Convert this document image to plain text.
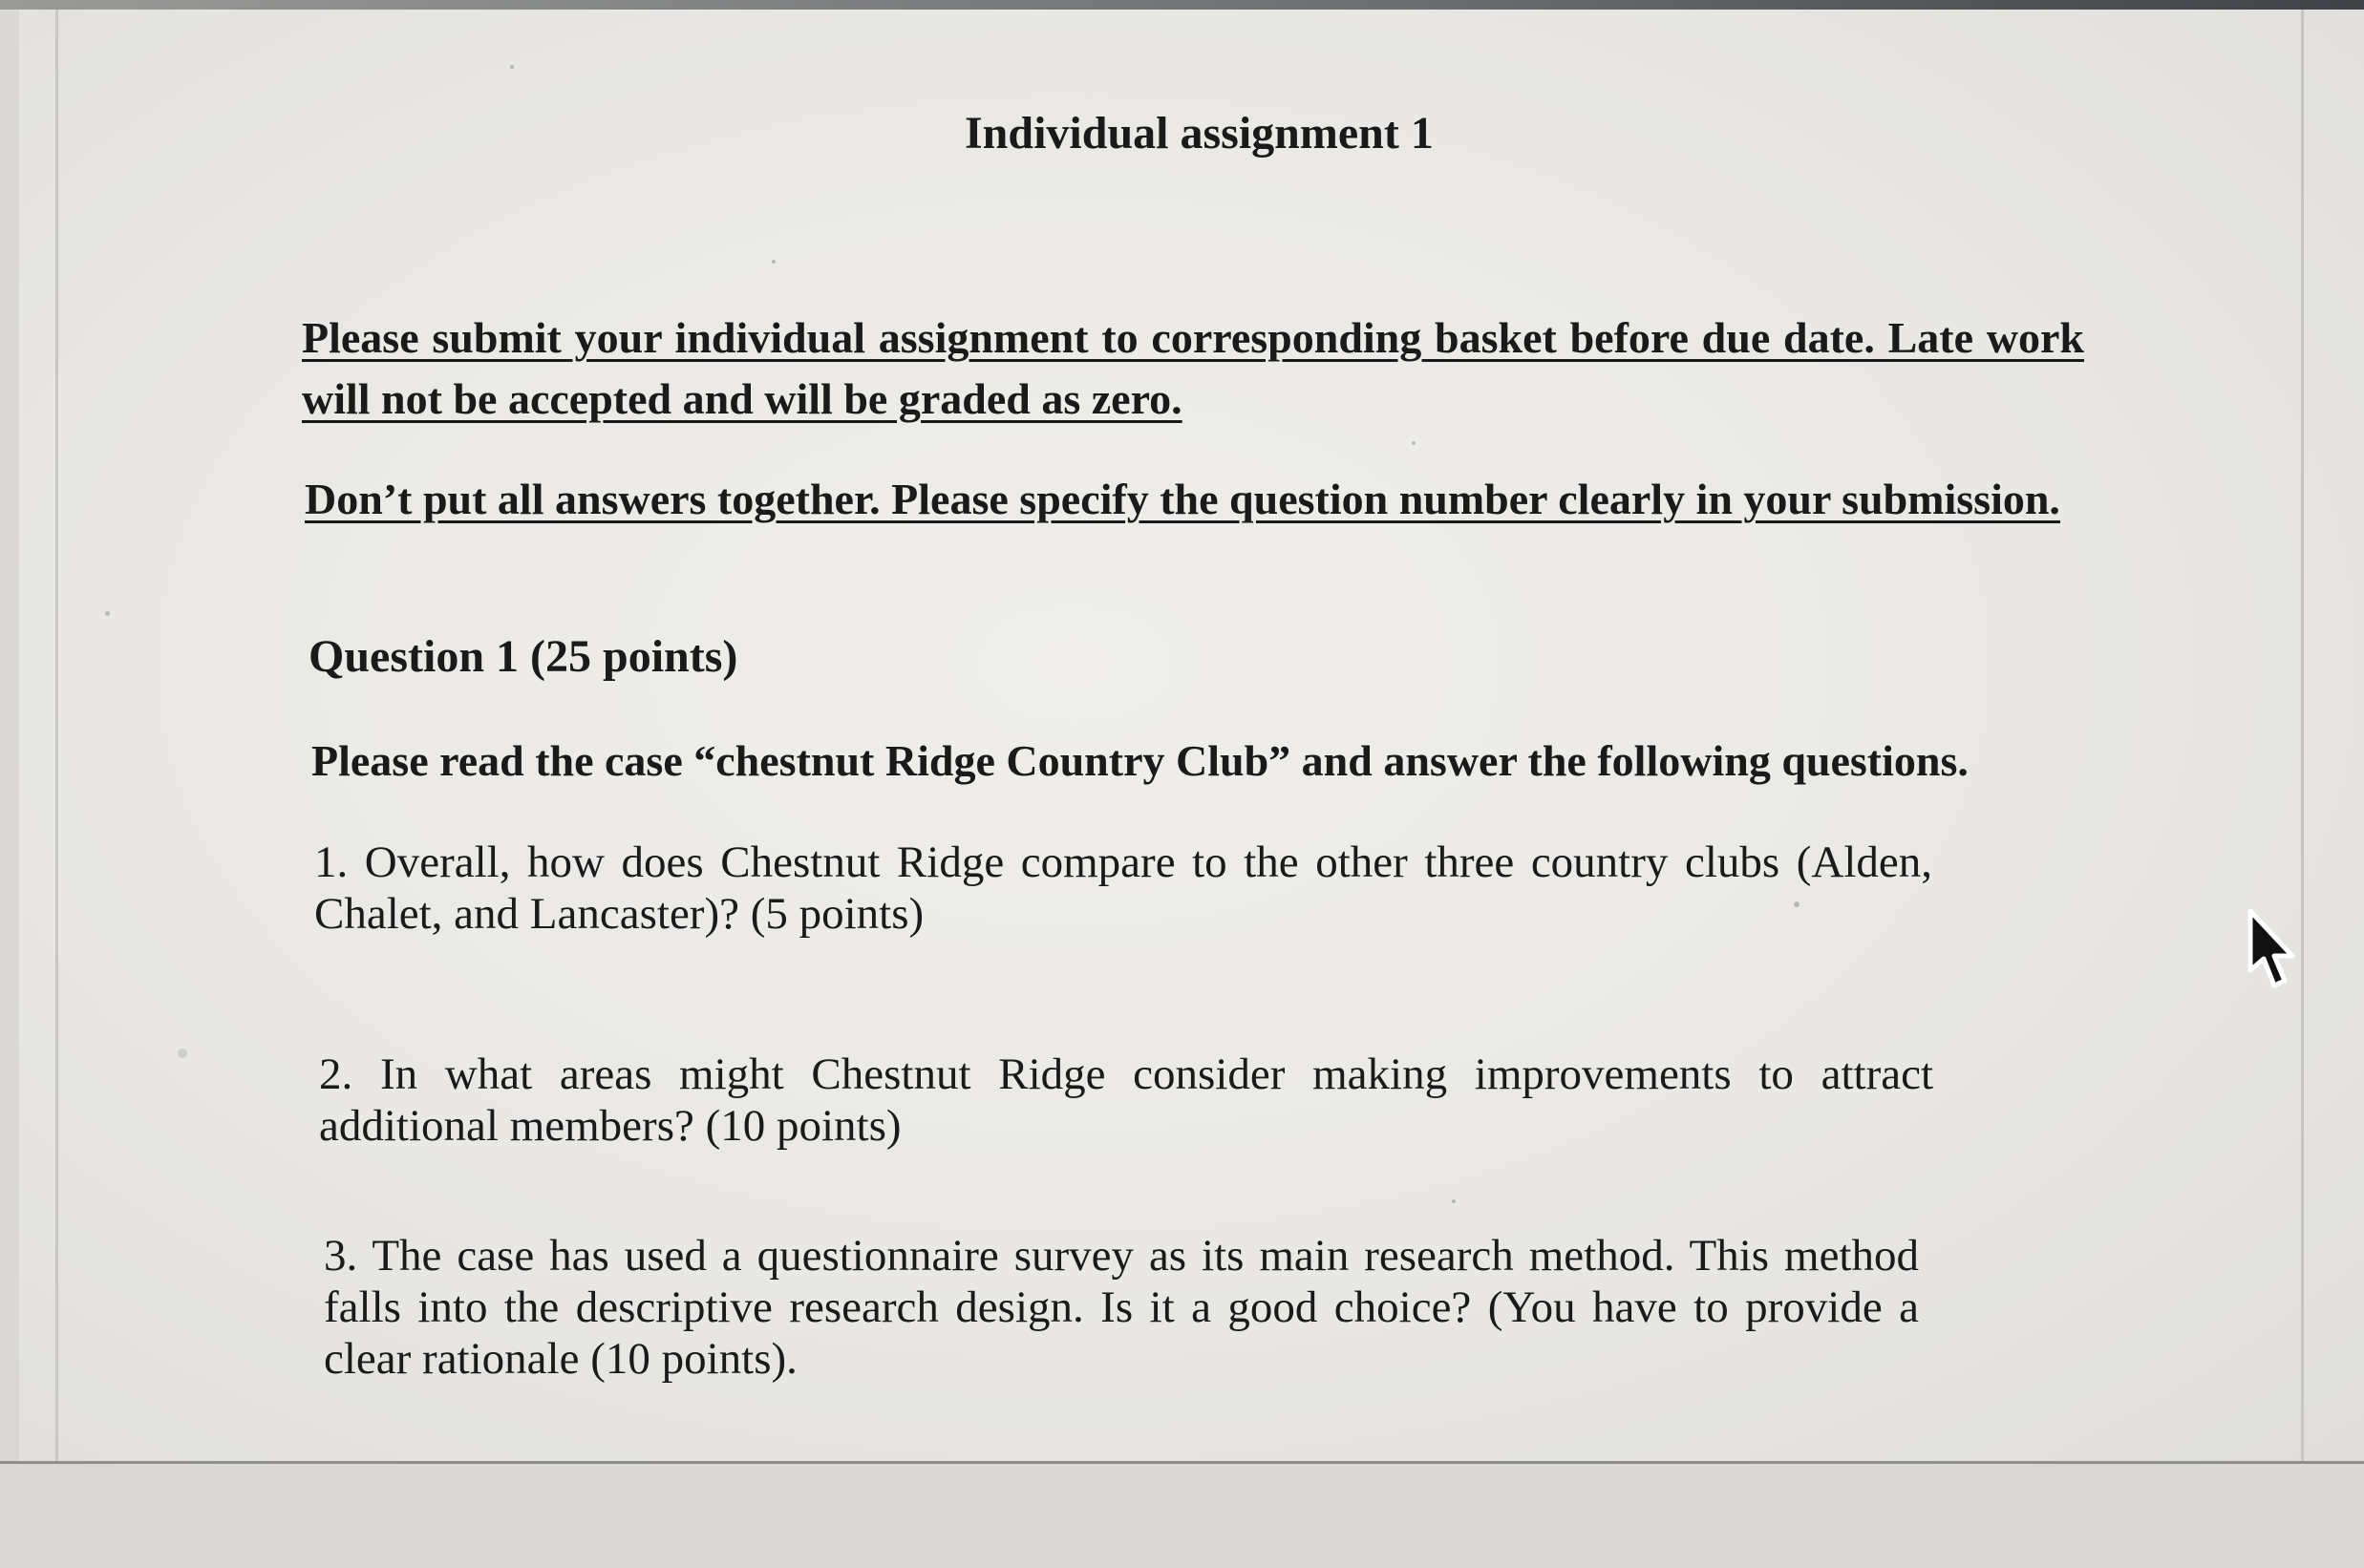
Individual assignment 1

Please submit your individual assignment to corresponding basket before due date. Late work will not be accepted and will be graded as zero.

Don’t put all answers together. Please specify the question number clearly in your submission.

Question 1 (25 points)

Please read the case “chestnut Ridge Country Club” and answer the following questions.

1. Overall, how does Chestnut Ridge compare to the other three country clubs (Alden, Chalet, and Lancaster)? (5 points)

2. In what areas might Chestnut Ridge consider making improvements to attract additional members? (10 points)

3. The case has used a questionnaire survey as its main research method. This method falls into the descriptive research design. Is it a good choice? (You have to provide a clear rationale (10 points).
